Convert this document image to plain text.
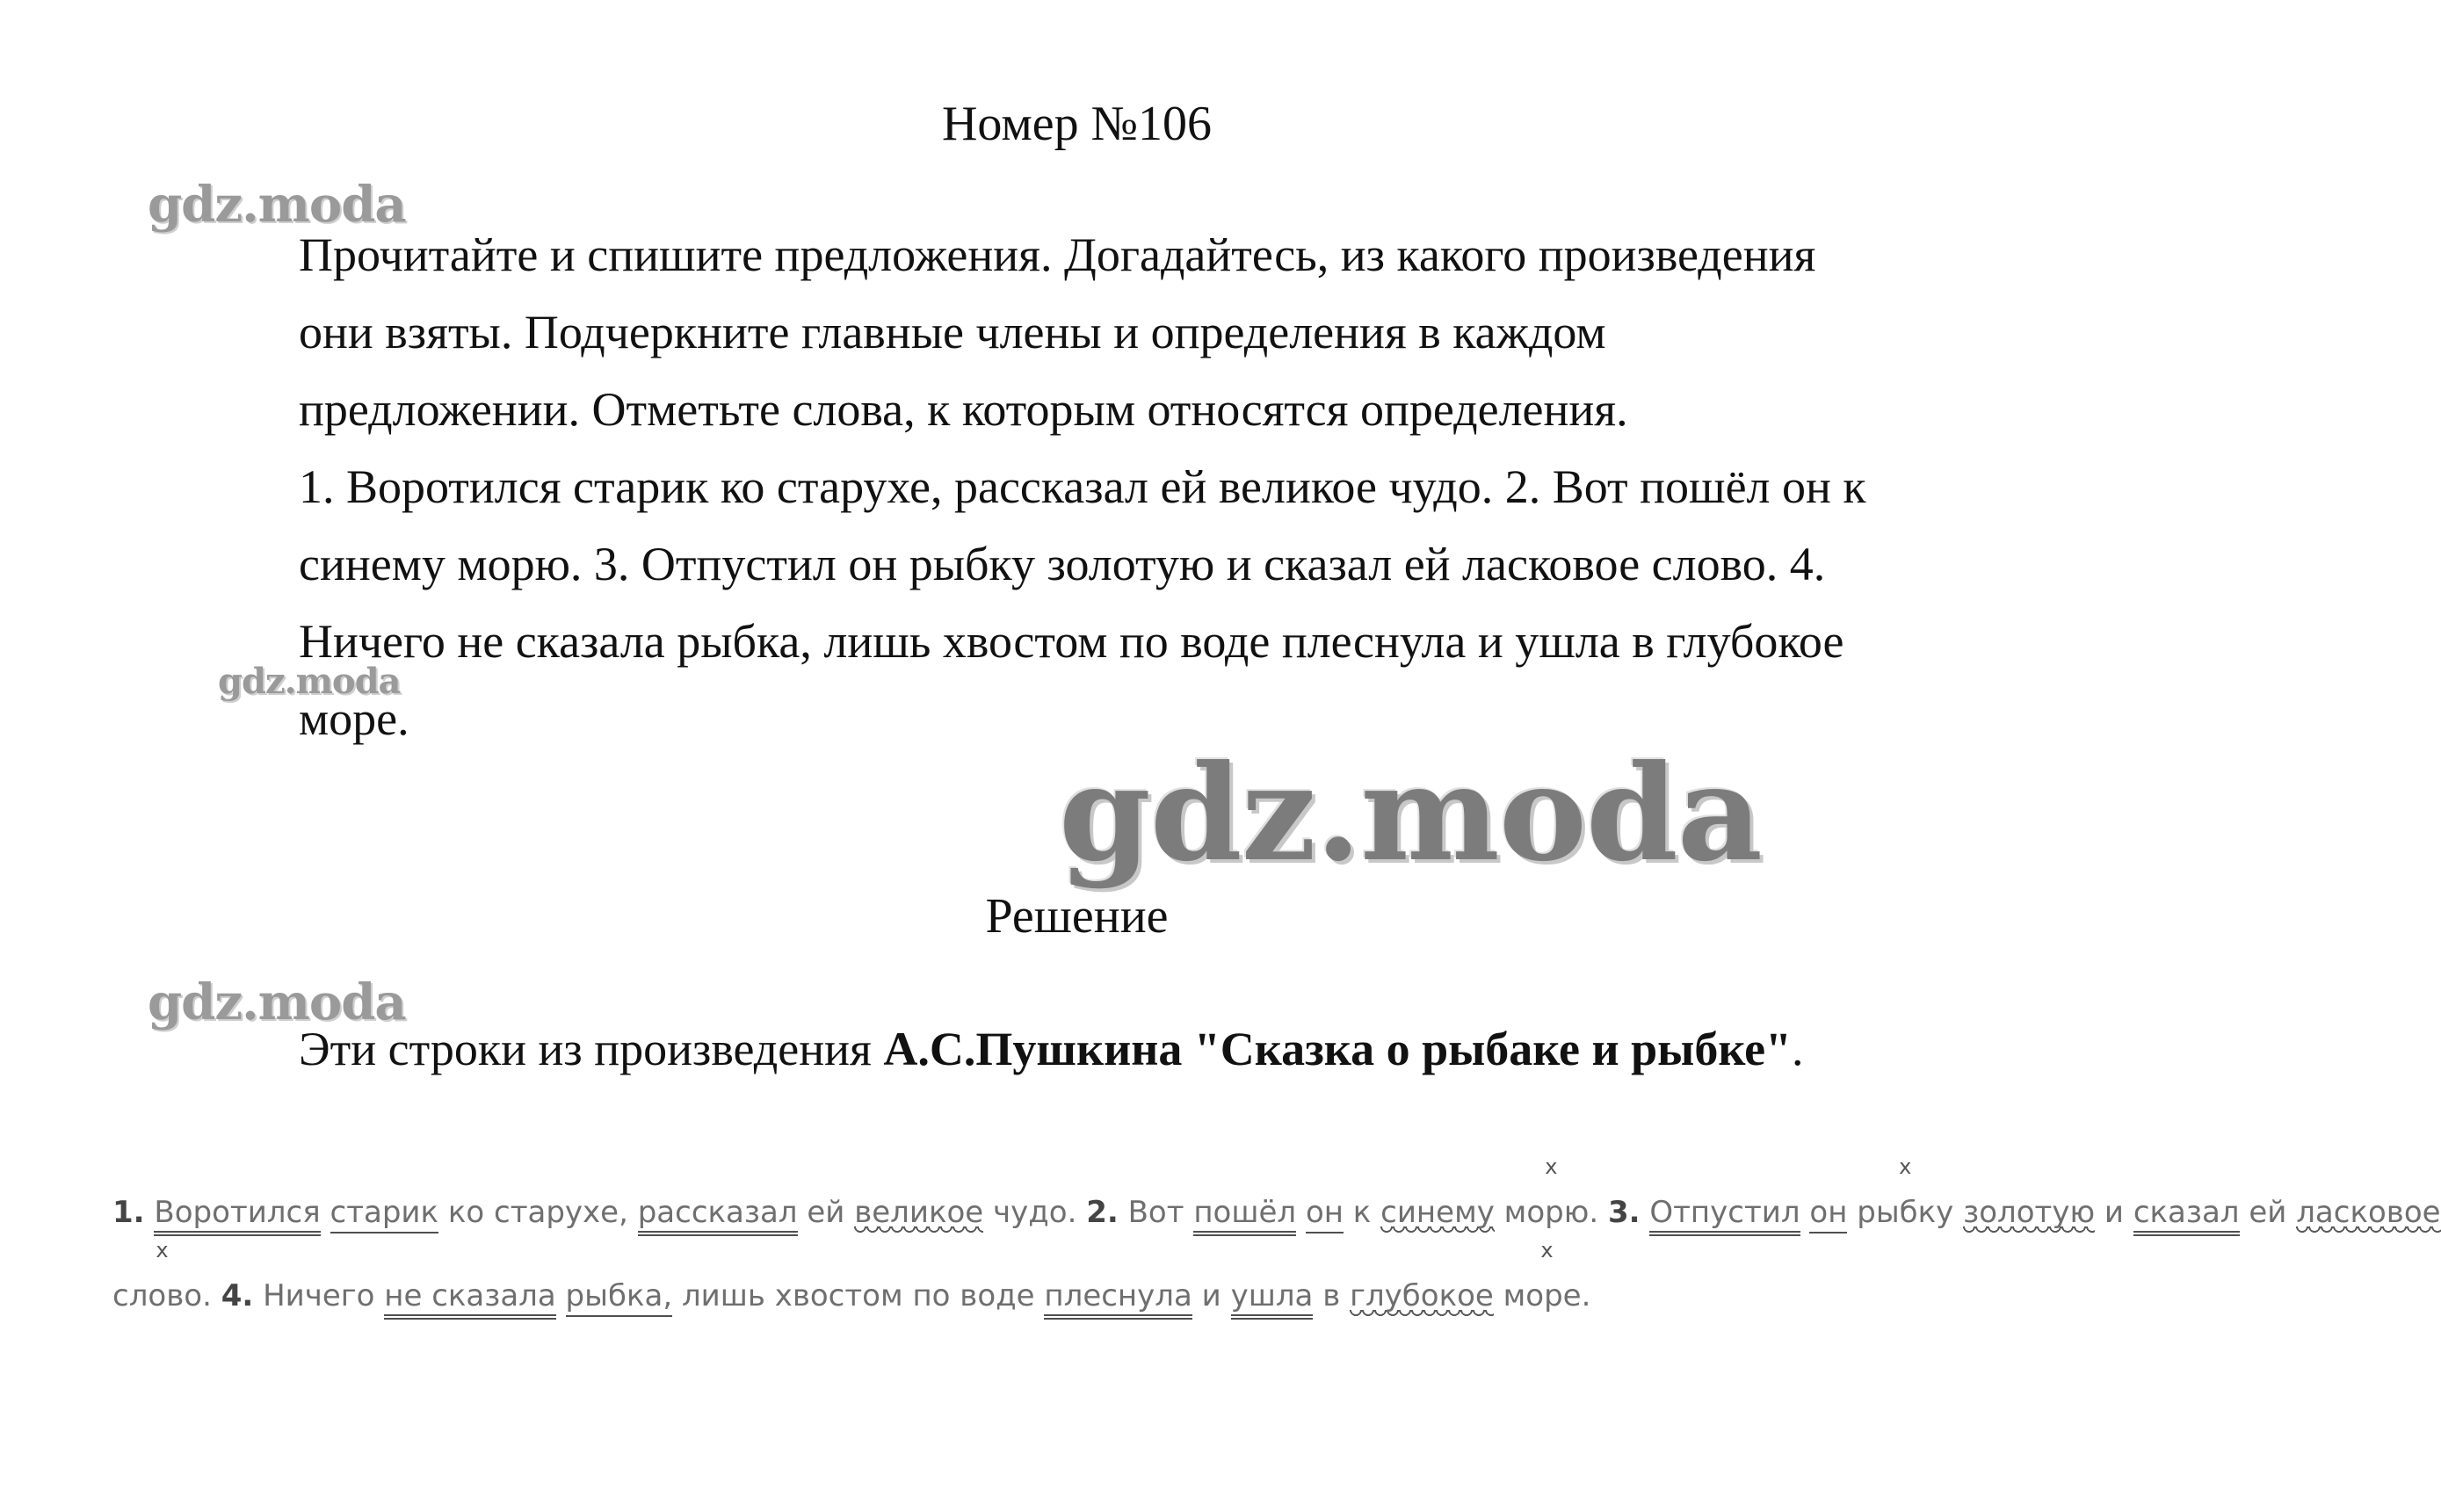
Номер №106
gdz.moda

Прочитайте и спишите предложения. Догадайтесь, из какого произведения они взяты. Подчеркните главные члены и определения в каждом предложении. Отметьте слова, к которым относятся определения.

1. Воротился старик ко старухе, рассказал ей великое чудо. 2. Вот пошёл он к синему морю. 3. Отпустил он рыбку золотую и сказал ей ласковое слово. 4. Ничего не сказала рыбка, лишь хвостом по воде плеснула и ушла в глубокое море.

gdz.moda
gdz.moda
Решение
gdz.moda
Эти строки из произведения А.С.Пушкина "Сказка о рыбаке и рыбке".
1. Воротился старик ко старухе, рассказал ей великое чудо. 2. Вот пошёл он к синему морю.
x
3. Отпустил он рыбку
x
золотую и сказал ей ласковое
слово.
x
4. Ничего не сказала рыбка, лишь хвостом по воде плеснула и ушла в глубокое море.
x
